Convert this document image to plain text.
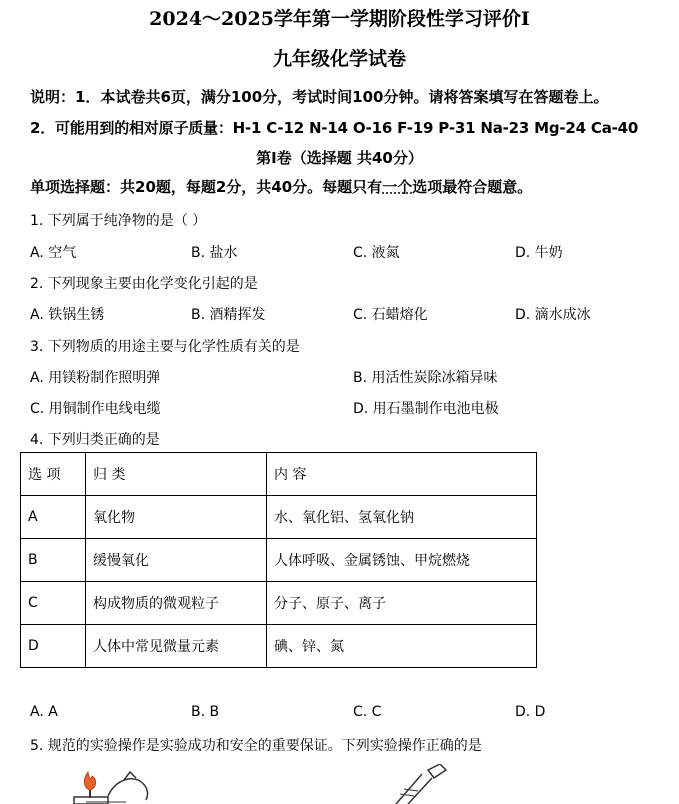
2024～2025学年第一学期阶段性学习评价I
九年级化学试卷
说明：1．本试卷共6页，满分100分，考试时间100分钟。请将答案填写在答题卷上。
2．可能用到的相对原子质量：H-1 C-12 N-14 O-16 F-19 P-31 Na-23 Mg-24 Ca-40
第Ⅰ卷（选择题 共40分）
单项选择题：共20题，每题2分，共40分。每题只有一个选项最符合题意。
1. 下列属于纯净物的是（ ）
A. 空气	B. 盐水	C. 液氮	D. 牛奶
2. 下列现象主要由化学变化引起的是
A. 铁锅生锈	B. 酒精挥发	C. 石蜡熔化	D. 滴水成冰
3. 下列物质的用途主要与化学性质有关的是
A. 用镁粉制作照明弹	B. 用活性炭除冰箱异味
C. 用铜制作电线电缆	D. 用石墨制作电池电极
4. 下列归类正确的是
选 项	归 类	内 容
A	氧化物	水、氧化铝、氢氧化钠
B	缓慢氧化	人体呼吸、金属锈蚀、甲烷燃烧
C	构成物质的微观粒子	分子、原子、离子
D	人体中常见微量元素	碘、锌、氮
A. A	B. B	C. C	D. D
5. 规范的实验操作是实验成功和安全的重要保证。下列实验操作正确的是
